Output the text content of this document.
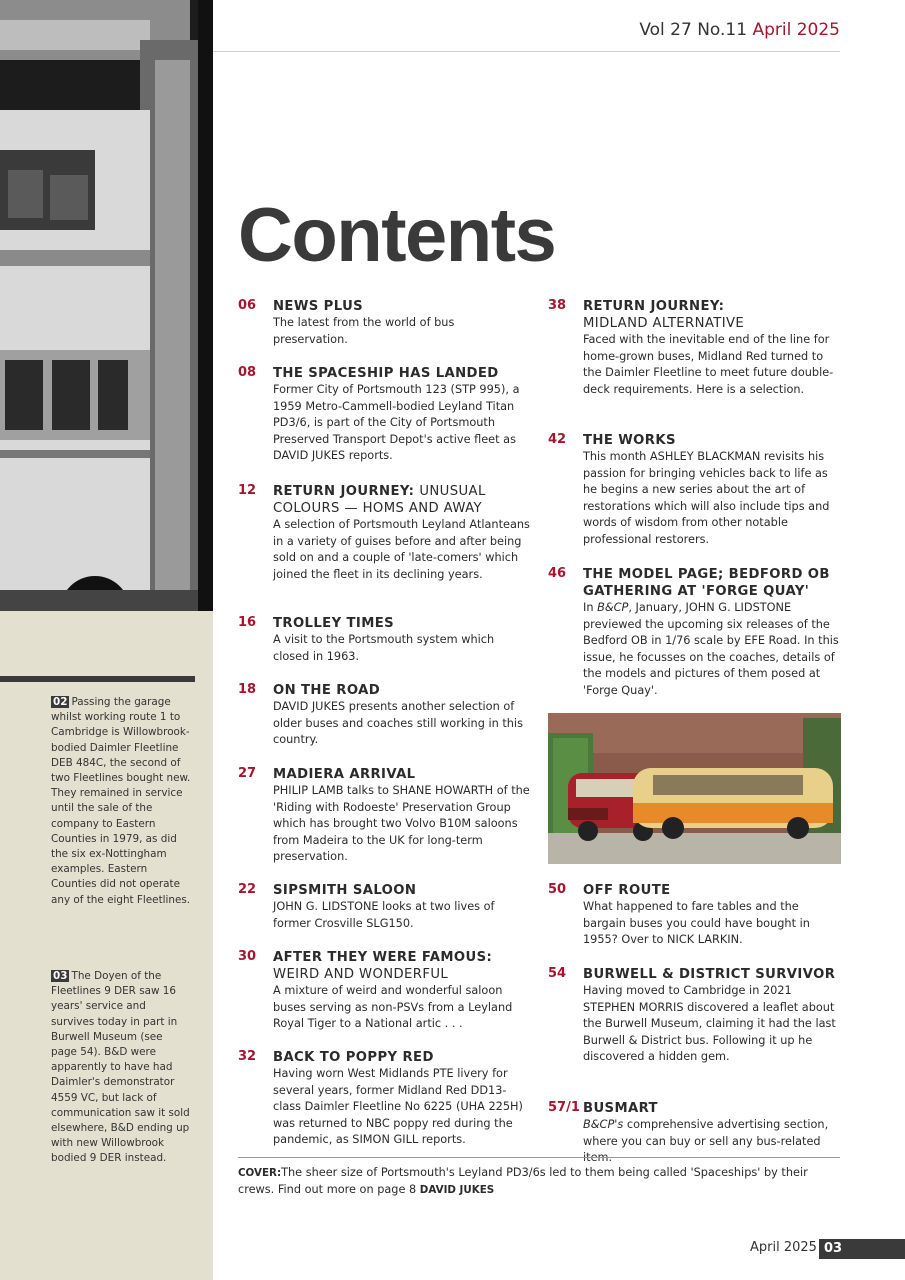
02 Passing the garage whilst working route 1 to Cambridge is Willowbrook-bodied Daimler Fleetline DEB 484C, the second of two Fleetlines bought new. They remained in service until the sale of the company to Eastern Counties in 1979, as did the six ex-Nottingham examples. Eastern Counties did not operate any of the eight Fleetlines.
03 The Doyen of the Fleetlines 9 DER saw 16 years' service and survives today in part in Burwell Museum (see page 54). B&D were apparently to have had Daimler's demonstrator 4559 VC, but lack of communication saw it sold elsewhere, B&D ending up with new Willowbrook bodied 9 DER instead.
Vol 27 No.11 April 2025
Contents
06 NEWS PLUS
The latest from the world of bus preservation.
08 THE SPACESHIP HAS LANDED
Former City of Portsmouth 123 (STP 995), a 1959 Metro-Cammell-bodied Leyland Titan PD3/6, is part of the City of Portsmouth Preserved Transport Depot's active fleet as DAVID JUKES reports.
12 RETURN JOURNEY: UNUSUAL COLOURS — HOMS AND AWAY
A selection of Portsmouth Leyland Atlanteans in a variety of guises before and after being sold on and a couple of 'late-comers' which joined the fleet in its declining years.
16 TROLLEY TIMES
A visit to the Portsmouth system which closed in 1963.
18 ON THE ROAD
DAVID JUKES presents another selection of older buses and coaches still working in this country.
27 MADIERA ARRIVAL
PHILIP LAMB talks to SHANE HOWARTH of the 'Riding with Rodoeste' Preservation Group which has brought two Volvo B10M saloons from Madeira to the UK for long-term preservation.
22 SIPSMITH SALOON
JOHN G. LIDSTONE looks at two lives of former Crosville SLG150.
30 AFTER THEY WERE FAMOUS:
WEIRD AND WONDERFUL
A mixture of weird and wonderful saloon buses serving as non-PSVs from a Leyland Royal Tiger to a National artic . . .
32 BACK TO POPPY RED
Having worn West Midlands PTE livery for several years, former Midland Red DD13-class Daimler Fleetline No 6225 (UHA 225H) was returned to NBC poppy red during the pandemic, as SIMON GILL reports.
38 RETURN JOURNEY:
MIDLAND ALTERNATIVE
Faced with the inevitable end of the line for home-grown buses, Midland Red turned to the Daimler Fleetline to meet future double-deck requirements. Here is a selection.
42 THE WORKS
This month ASHLEY BLACKMAN revisits his passion for bringing vehicles back to life as he begins a new series about the art of restorations which will also include tips and words of wisdom from other notable professional restorers.
46 THE MODEL PAGE; BEDFORD OB GATHERING AT 'FORGE QUAY'
In B&CP, January, JOHN G. LIDSTONE previewed the upcoming six releases of the Bedford OB in 1/76 scale by EFE Road. In this issue, he focusses on the coaches, details of the models and pictures of them posed at 'Forge Quay'.
50 OFF ROUTE
What happened to fare tables and the bargain buses you could have bought in 1955? Over to NICK LARKIN.
54 BURWELL & DISTRICT SURVIVOR
Having moved to Cambridge in 2021 STEPHEN MORRIS discovered a leaflet about the Burwell Museum, claiming it had the last Burwell & District bus. Following it up he discovered a hidden gem.
57/1 BUSMART
B&CP's comprehensive advertising section, where you can buy or sell any bus-related item.
COVER:The sheer size of Portsmouth's Leyland PD3/6s led to them being called 'Spaceships' by their crews. Find out more on page 8 DAVID JUKES
April 2025 03
